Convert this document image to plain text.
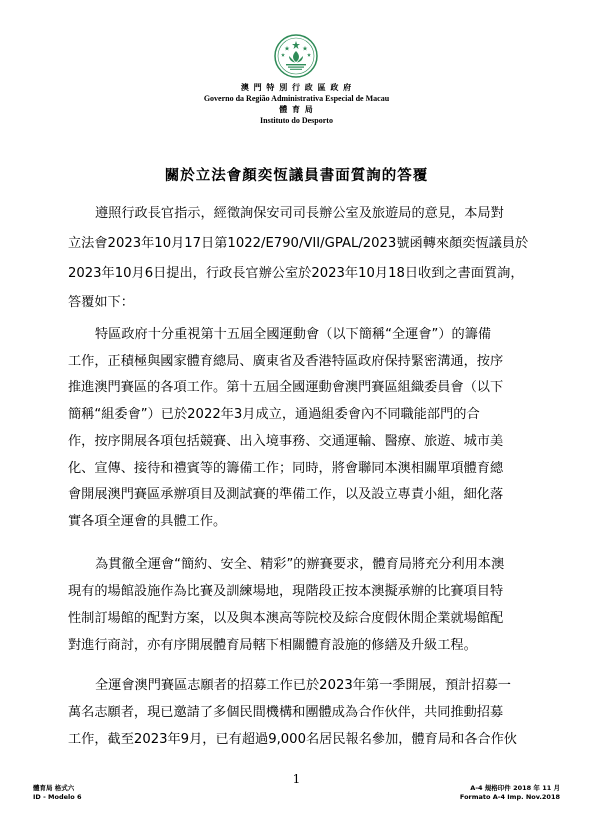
澳 門 特 別 行 政 區 政 府
Governo da Região Administrativa Especial de Macau
體 育 局
Instituto do Desporto
關於立法會顏奕恆議員書面質詢的答覆
遵照行政長官指示，經徵詢保安司司長辦公室及旅遊局的意見，本局對
立法會2023年10月17日第1022/E790/VII/GPAL/2023號函轉來顏奕恆議員於
2023年10月6日提出，行政長官辦公室於2023年10月18日收到之書面質詢，
答覆如下：
特區政府十分重視第十五屆全國運動會（以下簡稱“全運會”）的籌備
工作，正積極與國家體育總局、廣東省及香港特區政府保持緊密溝通，按序
推進澳門賽區的各項工作。第十五屆全國運動會澳門賽區組織委員會（以下
簡稱“組委會”）已於2022年3月成立，通過組委會內不同職能部門的合
作，按序開展各項包括競賽、出入境事務、交通運輸、醫療、旅遊、城市美
化、宣傳、接待和禮賓等的籌備工作；同時，將會聯同本澳相關單項體育總
會開展澳門賽區承辦項目及測試賽的準備工作，以及設立專責小組，細化落
實各項全運會的具體工作。
為貫徹全運會“簡約、安全、精彩”的辦賽要求，體育局將充分利用本澳
現有的場館設施作為比賽及訓練場地，現階段正按本澳擬承辦的比賽項目特
性制訂場館的配對方案，以及與本澳高等院校及綜合度假休閒企業就場館配
對進行商討，亦有序開展體育局轄下相關體育設施的修繕及升級工程。
全運會澳門賽區志願者的招募工作已於2023年第一季開展，預計招募一
萬名志願者，現已邀請了多個民間機構和團體成為合作伙伴，共同推動招募
工作，截至2023年9月，已有超過9,000名居民報名參加，體育局和各合作伙
1
體育局 格式六
ID - Modelo 6
A-4 規格印件 2018 年 11 月
Formato A-4 Imp. Nov.2018
